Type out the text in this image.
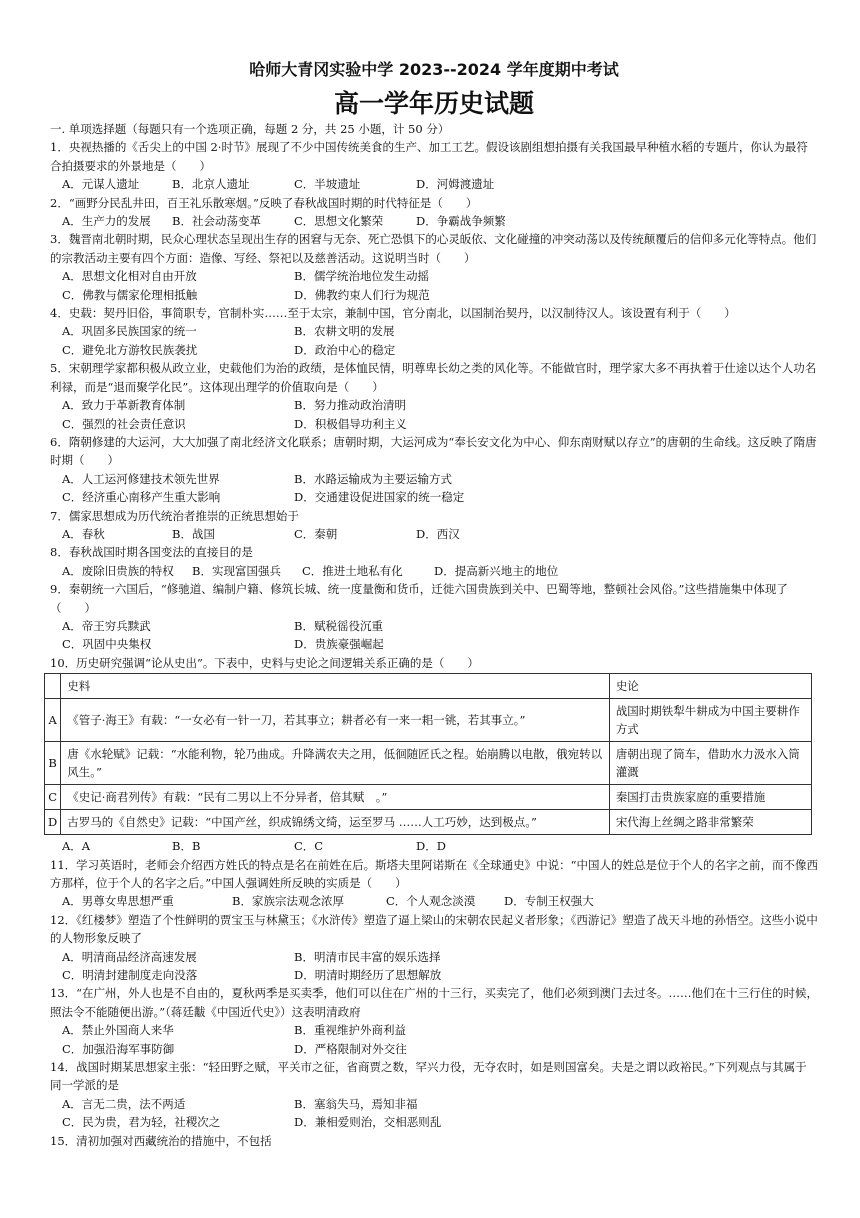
哈师大青冈实验中学 2023--2024 学年度期中考试
高一学年历史试题
一. 单项选择题（每题只有一个选项正确，每题 2 分，共 25 小题，计 50 分）
1．央视热播的《舌尖上的中国 2·时节》展现了不少中国传统美食的生产、加工工艺。假设该剧组想拍摄有关我国最早种植水稻的专题片，你认为最符合拍摄要求的外景地是（　　）
A．元谋人遗址	B．北京人遗址	C．半坡遗址	D．河姆渡遗址
2．“画野分民乱井田，百王礼乐散寒烟。”反映了春秋战国时期的时代特征是（　　）
A．生产力的发展	B．社会动荡变革	C．思想文化繁荣	D．争霸战争频繁
3．魏晋南北朝时期，民众心理状态呈现出生存的困窘与无奈、死亡恐惧下的心灵皈依、文化碰撞的冲突动荡以及传统颠覆后的信仰多元化等特点。他们的宗教活动主要有四个方面：造像、写经、祭祀以及慈善活动。这说明当时（　　）
A．思想文化相对自由开放	B．儒学统治地位发生动摇
C．佛教与儒家伦理相抵触	D．佛教约束人们行为规范
4．史载：契丹旧俗，事简职专，官制朴实……至于太宗，兼制中国，官分南北，以国制治契丹，以汉制待汉人。该设置有利于（　　）
A．巩固多民族国家的统一	B．农耕文明的发展
C．避免北方游牧民族袭扰	D．政治中心的稳定
5．宋朝理学家都积极从政立业，史载他们为治的政绩，是体恤民情，明尊卑长幼之类的风化等。不能做官时，理学家大多不再执着于仕途以达个人功名利禄，而是“退而聚学化民”。这体现出理学的价值取向是（　　）
A．致力于革新教育体制	B．努力推动政治清明
C．强烈的社会责任意识	D．积极倡导功利主义
6．隋朝修建的大运河，大大加强了南北经济文化联系；唐朝时期，大运河成为“奉长安文化为中心、仰东南财赋以存立”的唐朝的生命线。这反映了隋唐时期（　　）
A．人工运河修建技术领先世界	B．水路运输成为主要运输方式
C．经济重心南移产生重大影响	D．交通建设促进国家的统一稳定
7．儒家思想成为历代统治者推崇的正统思想始于
A．春秋	B．战国	C．秦朝	D．西汉
8．春秋战国时期各国变法的直接目的是
A．废除旧贵族的特权	B．实现富国强兵	C．推进土地私有化	D．提高新兴地主的地位
9．秦朝统一六国后，“修驰道、编制户籍、修筑长城、统一度量衡和货币，迁徙六国贵族到关中、巴蜀等地，整顿社会风俗。”这些措施集中体现了（　　）
A．帝王穷兵黩武	B．赋税徭役沉重
C．巩固中央集权	D．贵族豪强崛起
10．历史研究强调“论从史出”。下表中，史料与史论之间逻辑关系正确的是（　　）
	史料	史论
A	《管子·海王》有载：“一女必有一针一刀，若其事立；耕者必有一来一耜一铫，若其事立。”	战国时期铁犁牛耕成为中国主要耕作方式
B	唐《水轮赋》记载：“水能利物，轮乃曲成。升降满农夫之用，低徊随匠氏之程。始崩腾以电散，俄宛转以风生。”	唐朝出现了筒车，借助水力汲水入筒灌溉
C	《史记·商君列传》有载：“民有二男以上不分异者，倍其赋　。”	秦国打击贵族家庭的重要措施
D	古罗马的《自然史》记载：“中国产丝，织成锦绣文绮，运至罗马 ……人工巧妙，达到极点。”	宋代海上丝绸之路非常繁荣
A．A	B．B	C．C	D．D
11．学习英语时，老师会介绍西方姓氏的特点是名在前姓在后。斯塔夫里阿诺斯在《全球通史》中说：“中国人的姓总是位于个人的名字之前，而不像西方那样，位于个人的名字之后。”中国人强调姓所反映的实质是（　　）
A．男尊女卑思想严重	B．家族宗法观念浓厚	C．个人观念淡漠	D．专制王权强大
12．《红楼梦》塑造了个性鲜明的贾宝玉与林黛玉；《水浒传》塑造了逼上梁山的宋朝农民起义者形象；《西游记》塑造了战天斗地的孙悟空。这些小说中的人物形象反映了
A．明清商品经济高速发展	B．明清市民丰富的娱乐选择
C．明清封建制度走向没落	D．明清时期经历了思想解放
13．“在广州，外人也是不自由的，夏秋两季是买卖季，他们可以住在广州的十三行，买卖完了，他们必须到澳门去过冬。……他们在十三行住的时候，照法令不能随便出游。”（蒋廷黻《中国近代史》）这表明清政府
A．禁止外国商人来华	B．重视维护外商利益
C．加强沿海军事防御	D．严格限制对外交往
14．战国时期某思想家主张：“轻田野之赋，平关市之征，省商贾之数，罕兴力役，无夺农时，如是则国富矣。夫是之谓以政裕民。”下列观点与其属于同一学派的是
A．言无二贵，法不两适	B．塞翁失马，焉知非福
C．民为贵，君为轻，社稷次之	D．兼相爱则治，交相恶则乱
15．清初加强对西藏统治的措施中，不包括
